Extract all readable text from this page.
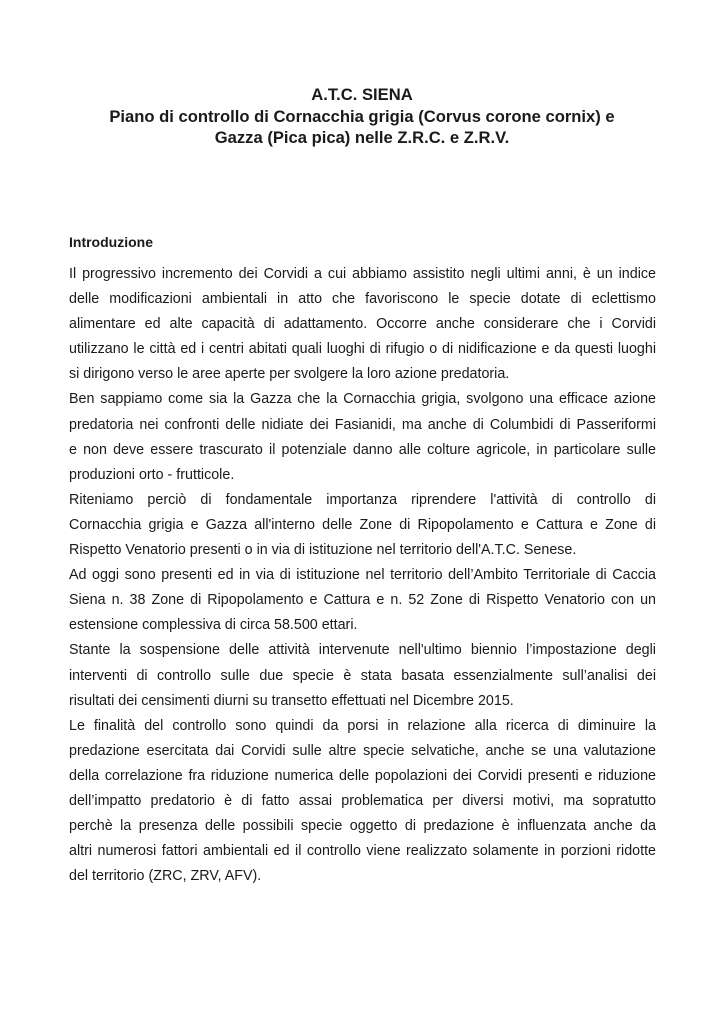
A.T.C. SIENA
Piano di controllo di Cornacchia grigia (Corvus corone cornix) e
Gazza (Pica pica) nelle Z.R.C. e Z.R.V.
Introduzione
Il progressivo incremento dei Corvidi a cui abbiamo assistito negli ultimi anni, è un indice
delle modificazioni ambientali in atto che favoriscono le specie dotate di eclettismo
alimentare ed alte capacità di adattamento. Occorre anche considerare che i Corvidi
utilizzano le città ed i centri abitati quali luoghi di rifugio o di nidificazione e da questi luoghi
si dirigono verso le aree aperte per svolgere la loro azione predatoria.
Ben sappiamo come sia la Gazza che la Cornacchia grigia, svolgono una efficace azione
predatoria nei confronti delle nidiate dei Fasianidi, ma anche di Columbidi di Passeriformi
e non deve essere trascurato il potenziale danno alle colture agricole, in particolare sulle
produzioni orto - frutticole.
Riteniamo perciò di fondamentale importanza riprendere l'attività di controllo di
Cornacchia grigia e Gazza all'interno delle Zone di Ripopolamento e Cattura e Zone di
Rispetto Venatorio presenti o in via di istituzione nel territorio dell'A.T.C. Senese.
Ad oggi sono presenti ed in via di istituzione nel territorio dell’Ambito Territoriale di Caccia
Siena n. 38 Zone di Ripopolamento e Cattura e n. 52 Zone di Rispetto Venatorio con un
estensione complessiva di circa 58.500 ettari.
Stante la sospensione delle attività intervenute nell'ultimo biennio l’impostazione degli
interventi di controllo sulle due specie è stata basata essenzialmente sull’analisi dei
risultati dei censimenti diurni su transetto effettuati nel Dicembre 2015.
Le finalità del controllo sono quindi da porsi in relazione alla ricerca di diminuire la
predazione esercitata dai Corvidi sulle altre specie selvatiche, anche se una valutazione
della correlazione fra riduzione numerica delle popolazioni dei Corvidi presenti e riduzione
dell’impatto predatorio è di fatto assai problematica per diversi motivi, ma sopratutto
perchè la presenza delle possibili specie oggetto di predazione è influenzata anche da
altri numerosi fattori ambientali ed il controllo viene realizzato solamente in porzioni ridotte
del territorio (ZRC, ZRV, AFV).
